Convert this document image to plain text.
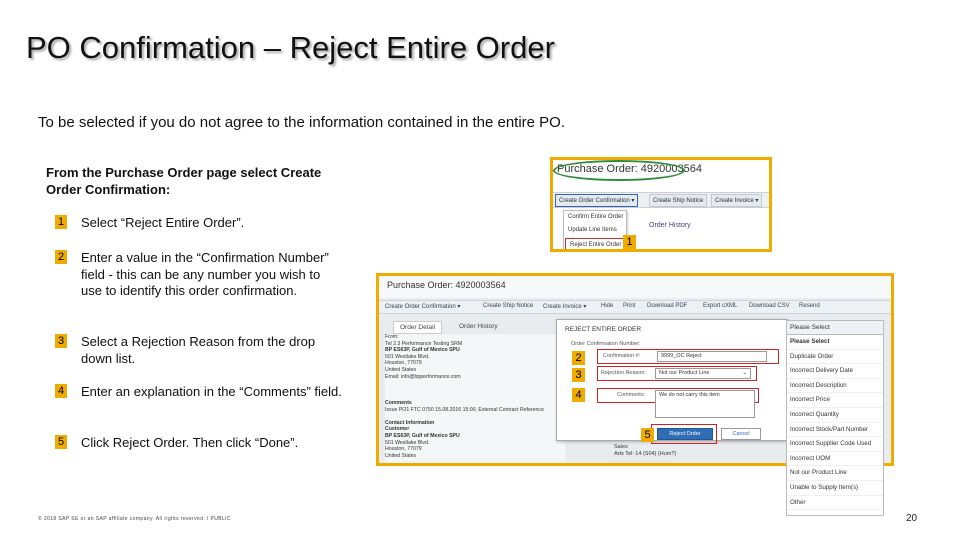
PO Confirmation – Reject Entire Order
To be selected if you do not agree to the information contained in the entire PO.
From the Purchase Order page select Create Order Confirmation:
1 Select “Reject Entire Order”.
2 Enter a value in the “Confirmation Number” field - this can be any number you wish to use to identify this order confirmation.
3 Select a Rejection Reason from the drop down list.
4 Enter an explanation in the “Comments” field.
5 Click Reject Order. Then click “Done”.
Purchase Order: 4920003564
Create Order Confirmation ▾	Create Ship Notice	Create Invoice ▾
Confirm Entire Order
Update Line Items
Reject Entire Order
Order History
1
Purchase Order: 4920003564
Create Order Confirmation ▾	Create Ship Notice Create Invoice ▾ Hide Print Download PDF	Export cXML Download CSV Resend
Order Detail	Order History
From:
Tel 2.3 Performance Testing SRM
BP ES63P, Gulf of Mexico SPU
501 Westlake Blvd.
Houston, 77079
United States
Email: info@bpperformance.com

Comments
Issue PO1 FTC 0750 15.08.2016 15:00, External Contract Reference

Contact Information
Customer
BP ES63P, Gulf of Mexico SPU
501 Westlake Blvd.
Houston, 77079
United States
Sales
Arts Tel: 14 (S04) (Hum?)
REJECT ENTIRE ORDER
Order Confirmation Number:
Confirmation #:	9999_OC Reject
Rejection Reason:	Not our Product Line	⌄
Comments:	We do not carry this item
Reject Order	Cancel
2
3
4
5
Please Select
Please Select
Duplicate Order
Incorrect Delivery Date
Incorrect Description
Incorrect Price
Incorrect Quantity
Incorrect Stock/Part Number
Incorrect Supplier Code Used
Incorrect UOM
Not our Product Line
Unable to Supply Item(s)
Other
© 2018 SAP SE or an SAP affiliate company. All rights reserved. ǀ PUBLIC	20
